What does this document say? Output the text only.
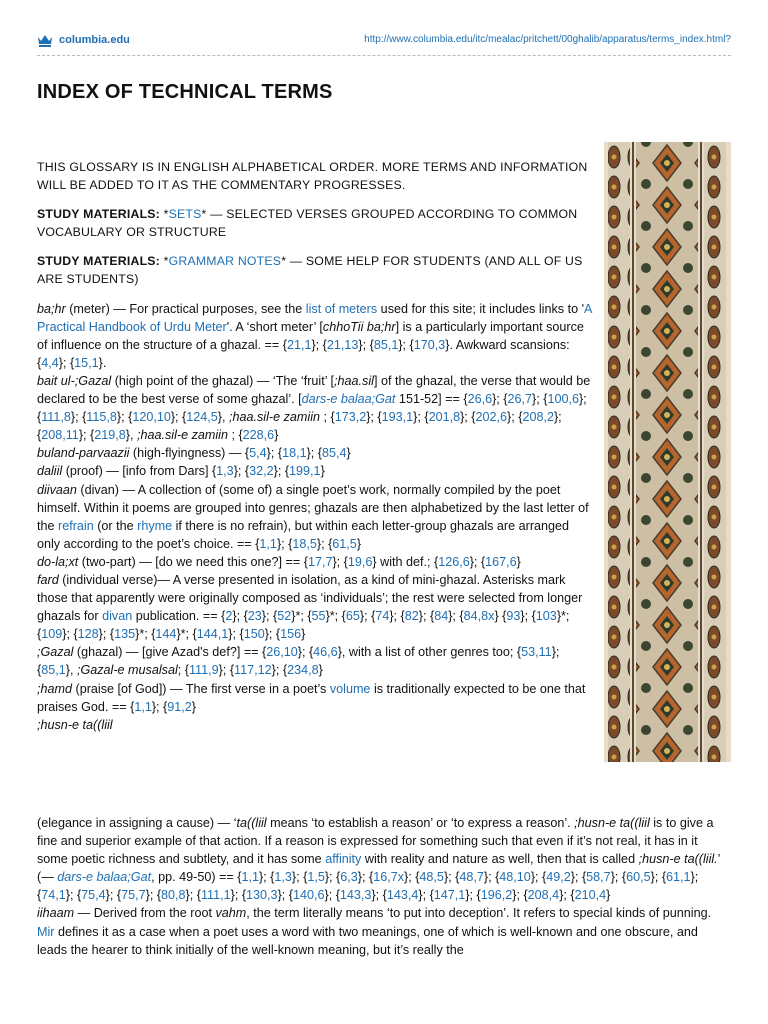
columbia.edu	http://www.columbia.edu/itc/mealac/pritchett/00ghalib/apparatus/terms_index.html?
INDEX OF TECHNICAL TERMS

THIS GLOSSARY IS IN ENGLISH ALPHABETICAL ORDER. MORE TERMS AND INFORMATION WILL BE ADDED TO IT AS THE COMMENTARY PROGRESSES.

STUDY MATERIALS: *SETS* — SELECTED VERSES GROUPED ACCORDING TO COMMON VOCABULARY OR STRUCTURE

STUDY MATERIALS: *GRAMMAR NOTES* — SOME HELP FOR STUDENTS (AND ALL OF US ARE STUDENTS)

ba;hr (meter) — For practical purposes, see the list of meters used for this site; it includes links to 'A Practical Handbook of Urdu Meter'. A ‘short meter’ [chhoTii ba;hr] is a particularly important source of influence on the structure of a ghazal. == {21,1}; {21,13}; {85,1}; {170,3}. Awkward scansions: {4,4}; {15,1}.

bait ul-;Gazal (high point of the ghazal) — ‘The ‘fruit’ [;haa.sil] of the ghazal, the verse that would be declared to be the best verse of some ghazal’. [dars-e balaa;Gat 151-52] == {26,6}; {26,7}; {100,6}; {111,8}; {115,8}; {120,10}; {124,5}, ;haa.sil-e zamiin ; {173,2}; {193,1}; {201,8}; {202,6}; {208,2}; {208,11}; {219,8}, ;haa.sil-e zamiin ; {228,6}

buland-parvaazii (high-flyingness) — {5,4}; {18,1}; {85,4}

daliil (proof) — [info from Dars] {1,3}; {32,2}; {199,1}

diivaan (divan) — A collection of (some of) a single poet’s work, normally compiled by the poet himself. Within it poems are grouped into genres; ghazals are then alphabetized by the last letter of the refrain (or the rhyme if there is no refrain), but within each letter-group ghazals are arranged only according to the poet’s choice. == {1,1}; {18,5}; {61,5}

do-la;xt (two-part) — [do we need this one?] == {17,7}; {19,6} with def.; {126,6}; {167,6}

fard (individual verse)— A verse presented in isolation, as a kind of mini-ghazal. Asterisks mark those that apparently were originally composed as ‘individuals’; the rest were selected from longer ghazals for divan publication. == {2}; {23}; {52}*; {55}*; {65}; {74}; {82}; {84}; {84,8x} {93}; {103}*; {109}; {128}; {135}*; {144}*; {144,1}; {150}; {156}

;Gazal (ghazal) — [give Azad's def?] == {26,10}; {46,6}, with a list of other genres too; {53,11}; {85,1}, ;Gazal-e musalsal; {111,9}; {117,12}; {234,8}

;hamd (praise [of God]) — The first verse in a poet’s volume is traditionally expected to be one that praises God. == {1,1}; {91,2}

;husn-e ta((liil

(elegance in assigning a cause) — ‘ta((liil means ‘to establish a reason’ or ‘to express a reason’. ;husn-e ta((liil is to give a fine and superior example of that action. If a reason is expressed for something such that even if it’s not real, it has in it some poetic richness and subtlety, and it has some affinity with reality and nature as well, then that is called ;husn-e ta((liil.’ (— dars-e balaa;Gat, pp. 49-50) == {1,1}; {1,3}; {1,5}; {6,3}; {16,7x}; {48,5}; {48,7}; {48,10}; {49,2}; {58,7}; {60,5}; {61,1}; {74,1}; {75,4}; {75,7}; {80,8}; {111,1}; {130,3}; {140,6}; {143,3}; {143,4}; {147,1}; {196,2}; {208,4}; {210,4}

iihaam — Derived from the root vahm, the term literally means ‘to put into deception’. It refers to special kinds of punning. Mir defines it as a case when a poet uses a word with two meanings, one of which is well-known and one obscure, and leads the hearer to think initially of the well-known meaning, but it’s really the
